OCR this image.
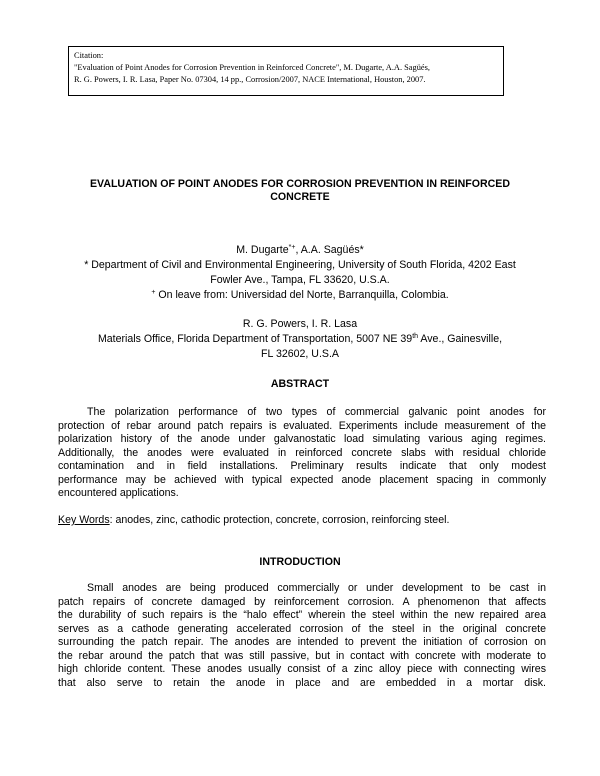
Citation:
"Evaluation of Point Anodes for Corrosion Prevention in Reinforced Concrete", M. Dugarte, A.A. Sagüés,
R. G. Powers, I. R. Lasa, Paper No. 07304, 14 pp., Corrosion/2007, NACE International, Houston, 2007.
EVALUATION OF POINT ANODES FOR CORROSION PREVENTION IN REINFORCED
CONCRETE
M. Dugarte*+, A.A. Sagüés*
* Department of Civil and Environmental Engineering, University of South Florida, 4202 East
Fowler Ave., Tampa, FL 33620, U.S.A.
+ On leave from: Universidad del Norte, Barranquilla, Colombia.
R. G. Powers, I. R. Lasa
Materials Office, Florida Department of Transportation, 5007 NE 39th Ave., Gainesville,
FL 32602, U.S.A
ABSTRACT
The polarization performance of two types of commercial galvanic point anodes for
protection of rebar around patch repairs is evaluated. Experiments include measurement of the
polarization history of the anode under galvanostatic load simulating various aging regimes.
Additionally, the anodes were evaluated in reinforced concrete slabs with residual chloride
contamination and in field installations. Preliminary results indicate that only modest
performance may be achieved with typical expected anode placement spacing in commonly
encountered applications.
Key Words: anodes, zinc, cathodic protection, concrete, corrosion, reinforcing steel.
INTRODUCTION
Small anodes are being produced commercially or under development to be cast in
patch repairs of concrete damaged by reinforcement corrosion. A phenomenon that affects
the durability of such repairs is the “halo effect” wherein the steel within the new repaired area
serves as a cathode generating accelerated corrosion of the steel in the original concrete
surrounding the patch repair. The anodes are intended to prevent the initiation of corrosion on
the rebar around the patch that was still passive, but in contact with concrete with moderate to
high chloride content. These anodes usually consist of a zinc alloy piece with connecting wires
that also serve to retain the anode in place and are embedded in a mortar disk.
